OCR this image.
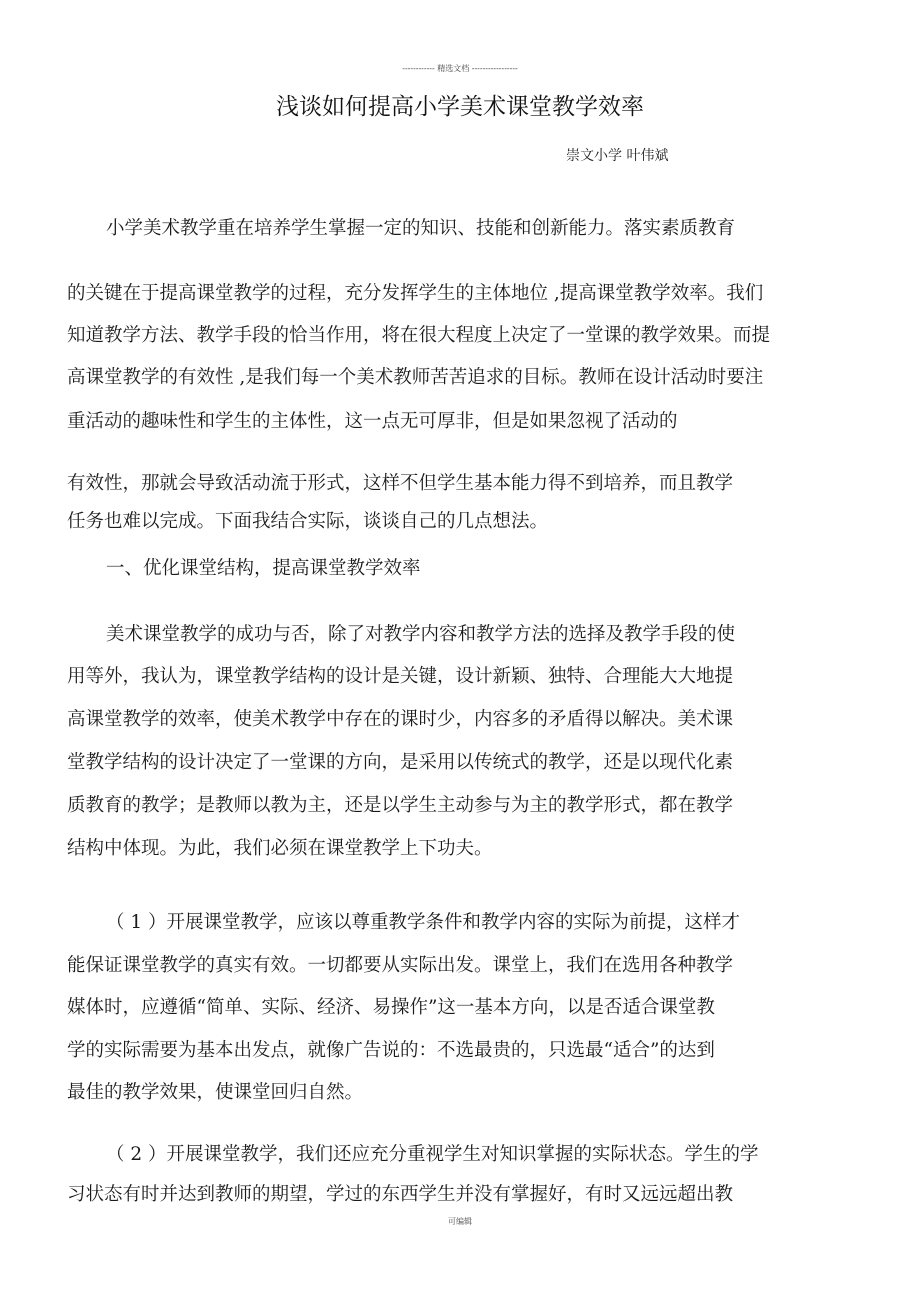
------------ 精选文档 -----------------
浅谈如何提高小学美术课堂教学效率
崇文小学 叶伟斌
小学美术教学重在培养学生掌握一定的知识、技能和创新能力。落实素质教育
的关键在于提高课堂教学的过程，充分发挥学生的主体地位 ,提高课堂教学效率。我们
知道教学方法、教学手段的恰当作用，将在很大程度上决定了一堂课的教学效果。而提
高课堂教学的有效性 ,是我们每一个美术教师苦苦追求的目标。教师在设计活动时要注
重活动的趣味性和学生的主体性，这一点无可厚非，但是如果忽视了活动的
有效性，那就会导致活动流于形式，这样不但学生基本能力得不到培养，而且教学
任务也难以完成。下面我结合实际，谈谈自己的几点想法。
一、优化课堂结构，提高课堂教学效率
美术课堂教学的成功与否，除了对教学内容和教学方法的选择及教学手段的使
用等外，我认为，课堂教学结构的设计是关键，设计新颖、独特、合理能大大地提
高课堂教学的效率，使美术教学中存在的课时少，内容多的矛盾得以解决。美术课
堂教学结构的设计决定了一堂课的方向，是采用以传统式的教学，还是以现代化素
质教育的教学；是教师以教为主，还是以学生主动参与为主的教学形式，都在教学
结构中体现。为此，我们必须在课堂教学上下功夫。
（ 1 ）开展课堂教学，应该以尊重教学条件和教学内容的实际为前提，这样才
能保证课堂教学的真实有效。一切都要从实际出发。课堂上，我们在选用各种教学
媒体时，应遵循“简单、实际、经济、易操作”这一基本方向，以是否适合课堂教
学的实际需要为基本出发点，就像广告说的：不选最贵的，只选最“适合”的达到
最佳的教学效果，使课堂回归自然。
（ 2 ）开展课堂教学，我们还应充分重视学生对知识掌握的实际状态。学生的学
习状态有时并达到教师的期望，学过的东西学生并没有掌握好，有时又远远超出教
可编辑
